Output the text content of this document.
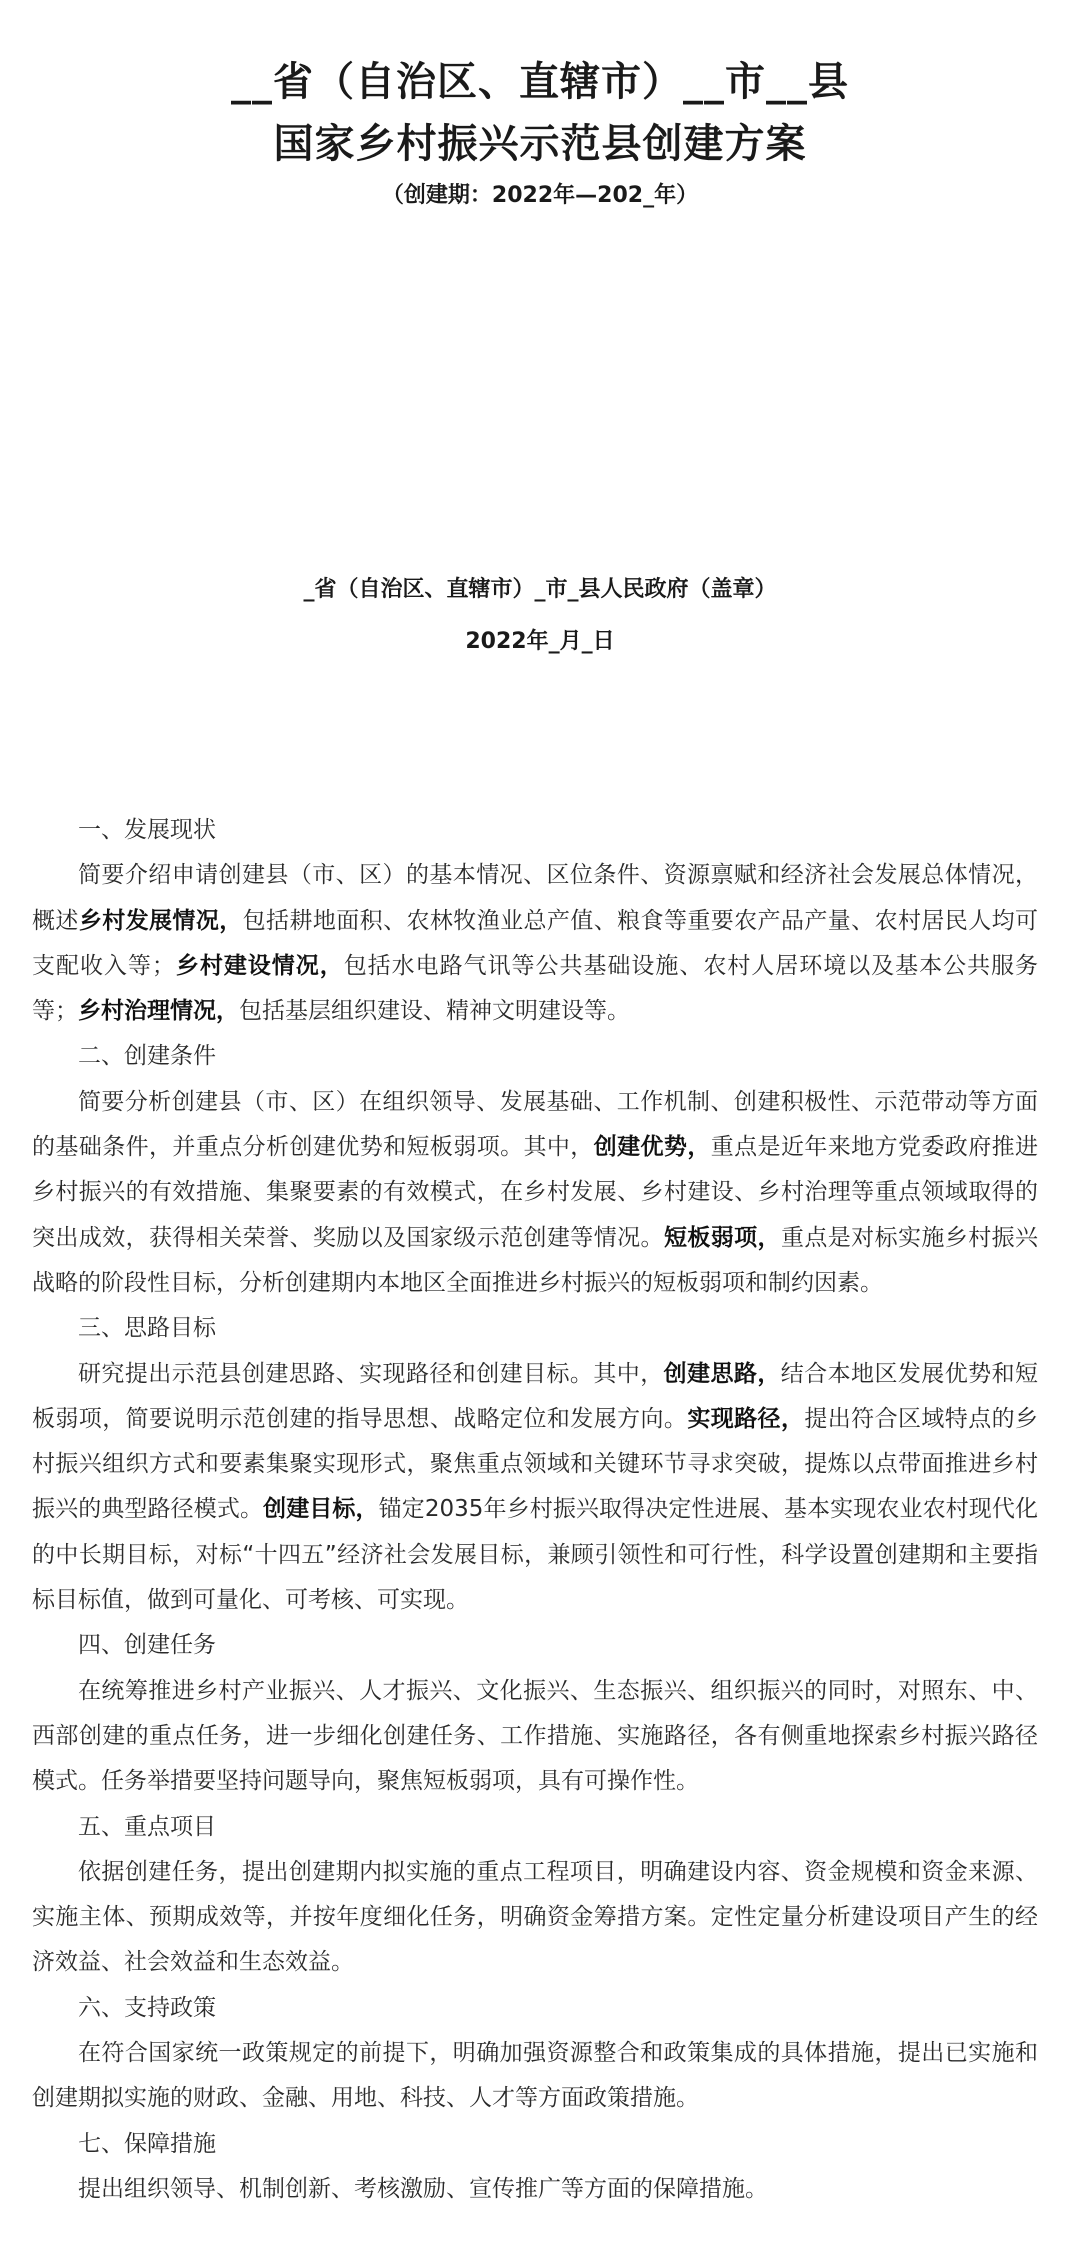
__省（自治区、直辖市）__市__县
国家乡村振兴示范县创建方案
（创建期：2022年—202_年）
_省（自治区、直辖市）_市_县人民政府（盖章）
2022年_月_日
一、发展现状
简要介绍申请创建县（市、区）的基本情况、区位条件、资源禀赋和经济社会发展总体情况，概述乡村发展情况，包括耕地面积、农林牧渔业总产值、粮食等重要农产品产量、农村居民人均可支配收入等；乡村建设情况，包括水电路气讯等公共基础设施、农村人居环境以及基本公共服务等；乡村治理情况，包括基层组织建设、精神文明建设等。
二、创建条件
简要分析创建县（市、区）在组织领导、发展基础、工作机制、创建积极性、示范带动等方面的基础条件，并重点分析创建优势和短板弱项。其中，创建优势，重点是近年来地方党委政府推进乡村振兴的有效措施、集聚要素的有效模式，在乡村发展、乡村建设、乡村治理等重点领域取得的突出成效，获得相关荣誉、奖励以及国家级示范创建等情况。短板弱项，重点是对标实施乡村振兴战略的阶段性目标，分析创建期内本地区全面推进乡村振兴的短板弱项和制约因素。
三、思路目标
研究提出示范县创建思路、实现路径和创建目标。其中，创建思路，结合本地区发展优势和短板弱项，简要说明示范创建的指导思想、战略定位和发展方向。实现路径，提出符合区域特点的乡村振兴组织方式和要素集聚实现形式，聚焦重点领域和关键环节寻求突破，提炼以点带面推进乡村振兴的典型路径模式。创建目标，锚定2035年乡村振兴取得决定性进展、基本实现农业农村现代化的中长期目标，对标“十四五”经济社会发展目标，兼顾引领性和可行性，科学设置创建期和主要指标目标值，做到可量化、可考核、可实现。
四、创建任务
在统筹推进乡村产业振兴、人才振兴、文化振兴、生态振兴、组织振兴的同时，对照东、中、西部创建的重点任务，进一步细化创建任务、工作措施、实施路径，各有侧重地探索乡村振兴路径模式。任务举措要坚持问题导向，聚焦短板弱项，具有可操作性。
五、重点项目
依据创建任务，提出创建期内拟实施的重点工程项目，明确建设内容、资金规模和资金来源、实施主体、预期成效等，并按年度细化任务，明确资金筹措方案。定性定量分析建设项目产生的经济效益、社会效益和生态效益。
六、支持政策
在符合国家统一政策规定的前提下，明确加强资源整合和政策集成的具体措施，提出已实施和创建期拟实施的财政、金融、用地、科技、人才等方面政策措施。
七、保障措施
提出组织领导、机制创新、考核激励、宣传推广等方面的保障措施。
